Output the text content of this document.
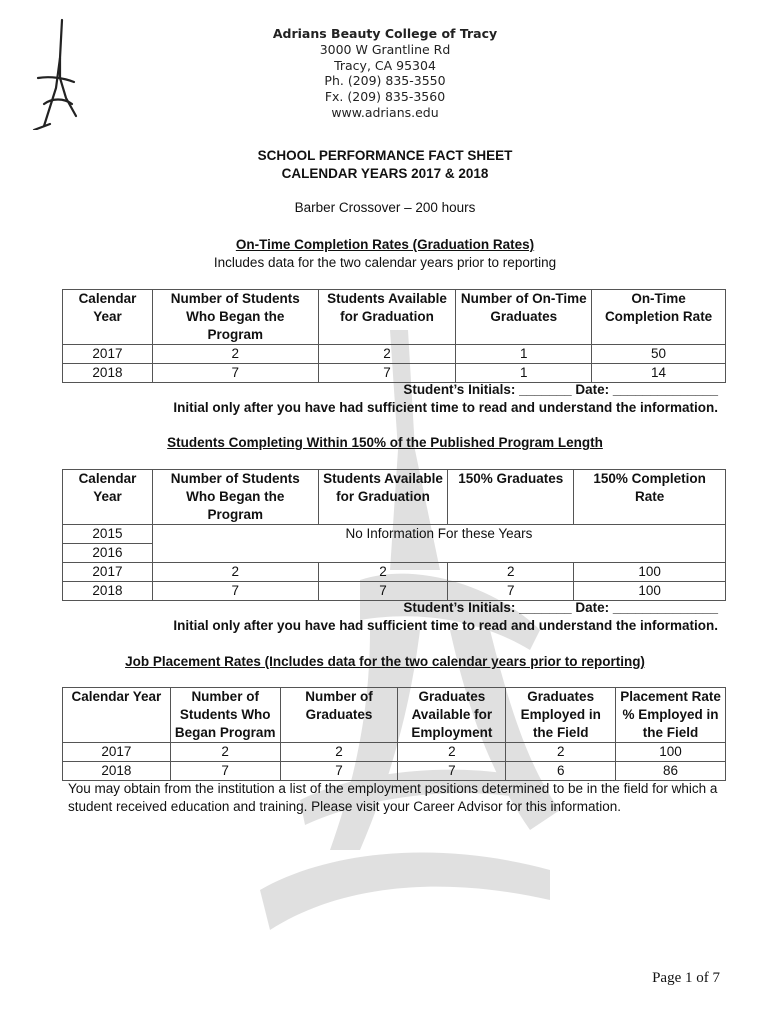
Adrians Beauty College of Tracy
3000 W Grantline Rd
Tracy, CA 95304
Ph. (209) 835-3550
Fx. (209) 835-3560
www.adrians.edu
SCHOOL PERFORMANCE FACT SHEET
CALENDAR YEARS 2017 & 2018
Barber Crossover – 200 hours
On-Time Completion Rates (Graduation Rates)
Includes data for the two calendar years prior to reporting
Calendar Year	Number of Students Who Began the Program	Students Available for Graduation	Number of On-Time Graduates	On-Time Completion Rate
2017	2	2	1	50
2018	7	7	1	14
Student’s Initials: _______ Date: ______________
Initial only after you have had sufficient time to read and understand the information.
Students Completing Within 150% of the Published Program Length
Calendar Year	Number of Students Who Began the Program	Students Available for Graduation	150% Graduates	150% Completion Rate
2015	No Information For these Years			
2016				
2017	2	2	2	100
2018	7	7	7	100
Student’s Initials: _______ Date: ______________
Initial only after you have had sufficient time to read and understand the information.
Job Placement Rates (Includes data for the two calendar years prior to reporting)
Calendar Year	Number of Students Who Began Program	Number of Graduates	Graduates Available for Employment	Graduates Employed in the Field	Placement Rate % Employed in the Field
2017	2	2	2	2	100
2018	7	7	7	6	86
You may obtain from the institution a list of the employment positions determined to be in the field for which a student received education and training. Please visit your Career Advisor for this information.
Page 1 of 7
